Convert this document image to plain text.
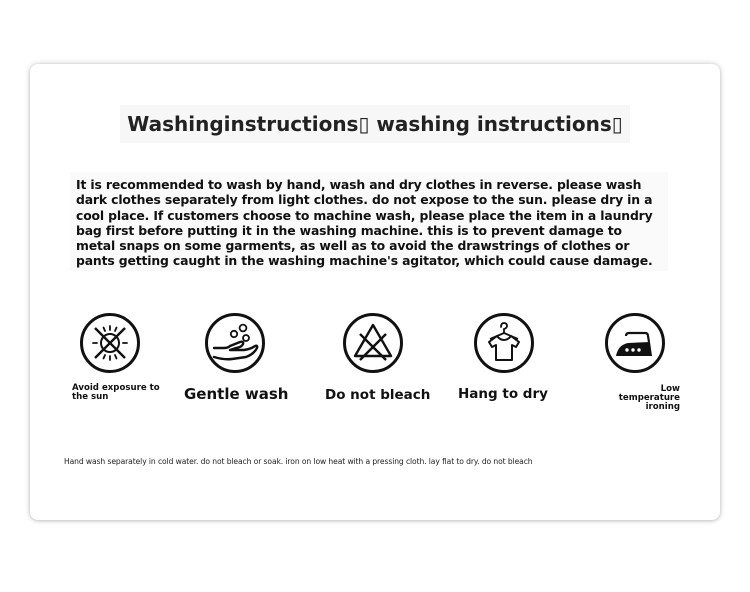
Washinginstructions▯ washing instructions▯
It is recommended to wash by hand, wash and dry clothes in reverse. please wash dark clothes separately from light clothes. do not expose to the sun. please dry in a cool place. If customers choose to machine wash, please place the item in a laundry bag first before putting it in the washing machine. this is to prevent damage to metal snaps on some garments, as well as to avoid the drawstrings of clothes or pants getting caught in the washing machine's agitator, which could cause damage.
Avoid exposure to the sun	Gentle wash	Do not bleach Hang to dry	Low temperature ironing
Hand wash separately in cold water. do not bleach or soak. iron on low heat with a pressing cloth. lay flat to dry. do not bleach
